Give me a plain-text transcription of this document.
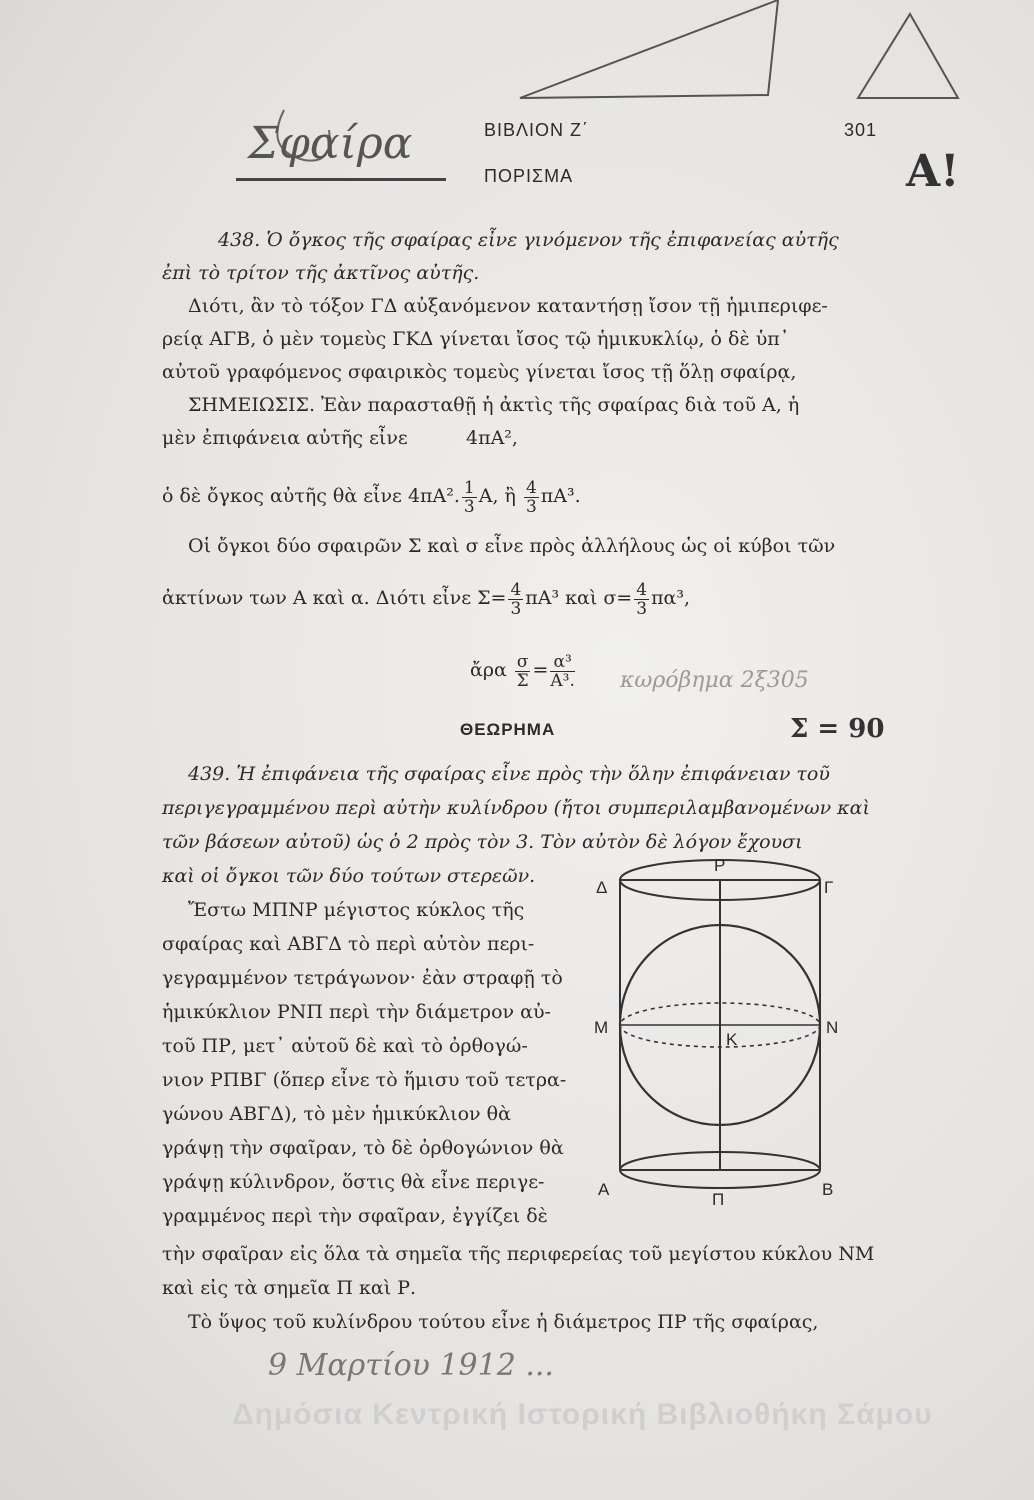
Σφαίρα	ΒΙΒΛΙΟΝ Ζ΄	301
ΠΟΡΙΣΜΑ	Α!
438. Ὁ ὄγκος τῆς σφαίρας εἶνε γινόμενον τῆς ἐπιφανείας αὐτῆς
ἐπὶ τὸ τρίτον τῆς ἀκτῖνος αὐτῆς.
Διότι, ἂν τὸ τόξον ΓΔ αὐξανόμενον καταντήσῃ ἴσον τῇ ἡμιπεριφε-
ρείᾳ ΑΓΒ, ὁ μὲν τομεὺς ΓΚΔ γίνεται ἴσος τῷ ἡμικυκλίῳ, ὁ δὲ ὑπ᾽
αὐτοῦ γραφόμενος σφαιρικὸς τομεὺς γίνεται ἴσος τῇ ὅλῃ σφαίρᾳ,
ΣΗΜΕΙΩΣΙΣ. Ἐὰν παρασταθῇ ἡ ἀκτὶς τῆς σφαίρας διὰ τοῦ Α, ἡ
μὲν ἐπιφάνεια αὐτῆς εἶνε	4πΑ²,
ὁ δὲ ὄγκος αὐτῆς θὰ εἶνε 4πΑ². $\frac{1}{3} A$, ἢ $\frac{4}{3} \pi A^3$.
Οἱ ὄγκοι δύο σφαιρῶν Σ καὶ σ εἶνε πρὸς ἀλλήλους ὡς οἱ κύβοι τῶν
ἀκτίνων των Α καὶ α. Διότι εἶνε $\Sigma= \frac{4}{3} \pi A^3$ καὶ $\sigma= \frac{4}{3} \pi\alpha^3$,
ἄρα $\frac{\sigma}{\Sigma} = \frac{\text{α³}}{\text{Α³.}}$ κωρόβημα 2ξ305
ΘΕΩΡΗΜΑ	Σ = 90
439. Ἡ ἐπιφάνεια τῆς σφαίρας εἶνε πρὸς τὴν ὅλην ἐπιφάνειαν τοῦ
περιγεγραμμένου περὶ αὐτὴν κυλίνδρου (ἤτοι συμπεριλαμβανομένων καὶ
τῶν βάσεων αὐτοῦ) ὡς ὁ 2 πρὸς τὸν 3. Τὸν αὐτὸν δὲ λόγον ἔχουσι
καὶ οἱ ὄγκοι τῶν δύο τούτων στερεῶν.
Ἔστω ΜΠΝΡ μέγιστος κύκλος τῆς
σφαίρας καὶ ΑΒΓΔ τὸ περὶ αὐτὸν περι-
γεγραμμένον τετράγωνον· ἐὰν στραφῇ τὸ
ἡμικύκλιον ΡΝΠ περὶ τὴν διάμετρον αὐ-
τοῦ ΠΡ, μετ᾽ αὐτοῦ δὲ καὶ τὸ ὀρθογώ-
νιον ΡΠΒΓ (ὅπερ εἶνε τὸ ἥμισυ τοῦ τετρα-
γώνου ΑΒΓΔ), τὸ μὲν ἡμικύκλιον θὰ
γράψῃ τὴν σφαῖραν, τὸ δὲ ὀρθογώνιον θὰ
γράψῃ κύλινδρον, ὅστις θὰ εἶνε περιγε-
γραμμένος περὶ τὴν σφαῖραν, ἐγγίζει δὲ
τὴν σφαῖραν εἰς ὅλα τὰ σημεῖα τῆς περιφερείας τοῦ μεγίστου κύκλου ΝΜ
καὶ εἰς τὰ σημεῖα Π καὶ Ρ.
Τὸ ὕψος τοῦ κυλίνδρου τούτου εἶνε ἡ διάμετρος ΠΡ τῆς σφαίρας,
Ρ
Δ	Γ
Μ
Κ
Ν
Α	Β
Π
9 Μαρτίου 1912 ...
Δημόσια Κεντρική Ιστορική Βιβλιοθήκη Σάμου
